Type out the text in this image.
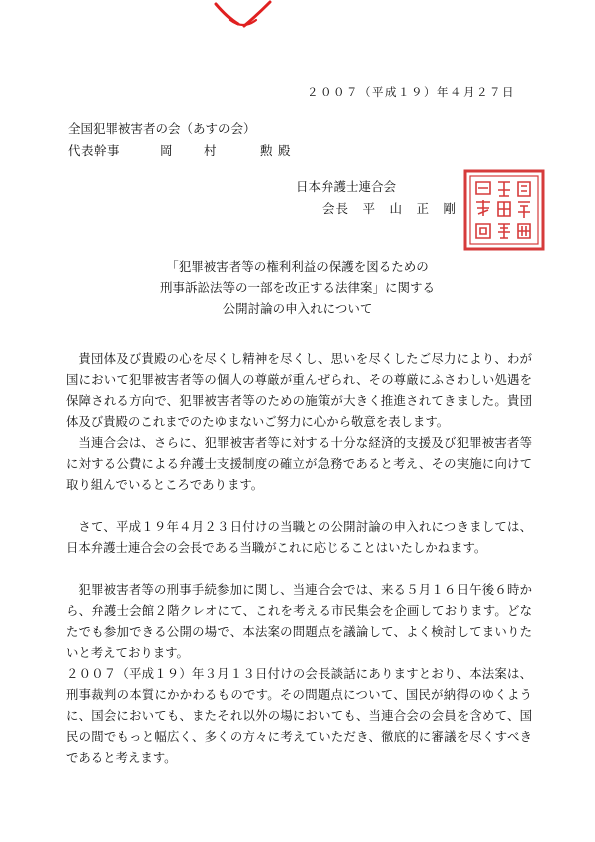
２００７（平成１９）年４月２７日
全国犯罪被害者の会（あすの会）
代表幹事	岡 村	勲 殿
日本弁護士連合会
会長　 平　山　正　剛
「犯罪被害者等の権利利益の保護を図るための
刑事訴訟法等の一部を改正する法律案」に関する
公開討論の申入れについて

貴団体及び貴殿の心を尽くし精神を尽くし、思いを尽くしたご尽力により、わが国において犯罪被害者等の個人の尊厳が重んぜられ、その尊厳にふさわしい処遇を保障される方向で、犯罪被害者等のための施策が大きく推進されてきました。貴団体及び貴殿のこれまでのたゆまないご努力に心から敬意を表します。

当連合会は、さらに、犯罪被害者等に対する十分な経済的支援及び犯罪被害者等に対する公費による弁護士支援制度の確立が急務であると考え、その実施に向けて取り組んでいるところであります。

さて、平成１９年４月２３日付けの当職との公開討論の申入れにつきましては、日本弁護士連合会の会長である当職がこれに応じることはいたしかねます。

犯罪被害者等の刑事手続参加に関し、当連合会では、来る５月１６日午後６時から、弁護士会館２階クレオにて、これを考える市民集会を企画しております。どなたでも参加できる公開の場で、本法案の問題点を議論して、よく検討してまいりたいと考えております。

２００７（平成１９）年３月１３日付けの会長談話にありますとおり、本法案は、刑事裁判の本質にかかわるものです。その問題点について、国民が納得のゆくように、国会においても、またそれ以外の場においても、当連合会の会員を含めて、国民の間でもっと幅広く、多くの方々に考えていただき、徹底的に審議を尽くすべきであると考えます。
